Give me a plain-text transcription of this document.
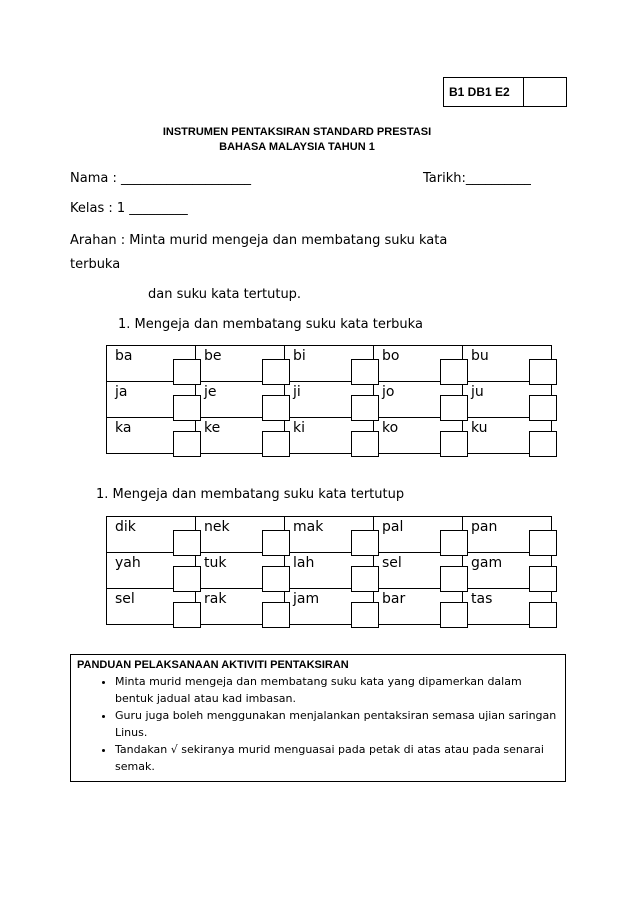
B1 DB1 E2
INSTRUMEN PENTAKSIRAN STANDARD PRESTASI
BAHASA MALAYSIA TAHUN 1
Nama : ____________________	Tarikh:__________
Kelas : 1 _________
Arahan : Minta murid mengeja dan membatang suku kata
terbuka
dan suku kata tertutup.
1. Mengeja dan membatang suku kata terbuka
ba	be	bi	bo	bu

ja	je	ji	jo	ju

ka	ke	ki	ko	ku
1. Mengeja dan membatang suku kata tertutup
dik	nek	mak	pal	pan

yah	tuk	lah	sel	gam

sel	rak	jam	bar	tas
PANDUAN PELAKSANAAN AKTIVITI PENTAKSIRAN
• Minta murid mengeja dan membatang suku kata yang dipamerkan dalam bentuk jadual atau kad imbasan.
• Guru juga boleh menggunakan menjalankan pentaksiran semasa ujian saringan Linus.
• Tandakan √ sekiranya murid menguasai pada petak di atas atau pada senarai semak.
